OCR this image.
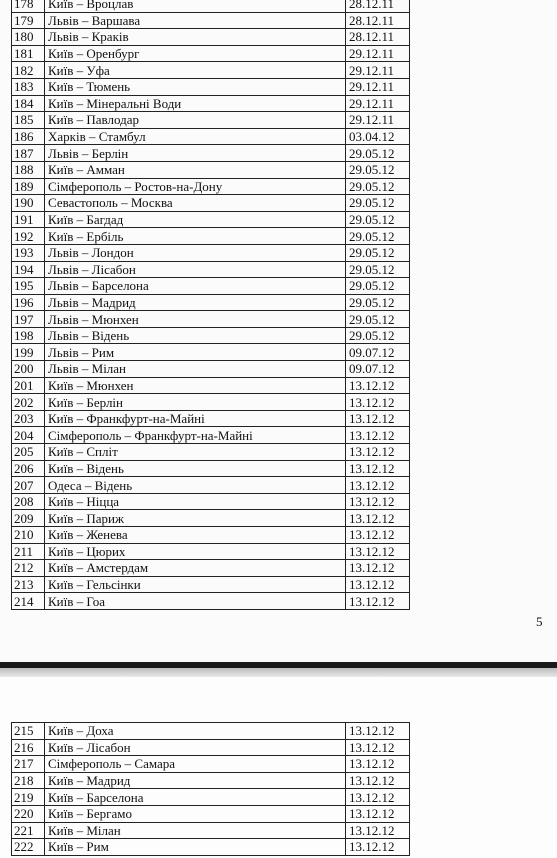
178	Київ – Вроцлав	28.12.11
179	Львів – Варшава	28.12.11
180	Львів – Краків	28.12.11
181	Київ – Оренбург	29.12.11
182	Київ – Уфа	29.12.11
183	Київ – Тюмень	29.12.11
184	Київ – Мінеральні Води	29.12.11
185	Київ – Павлодар	29.12.11
186	Харків – Стамбул	03.04.12
187	Львів – Берлін	29.05.12
188	Київ – Амман	29.05.12
189	Сімферополь – Ростов-на-Дону	29.05.12
190	Севастополь – Москва	29.05.12
191	Київ – Багдад	29.05.12
192	Київ – Ербіль	29.05.12
193	Львів – Лондон	29.05.12
194	Львів – Лісабон	29.05.12
195	Львів – Барселона	29.05.12
196	Львів – Мадрид	29.05.12
197	Львів – Мюнхен	29.05.12
198	Львів – Відень	29.05.12
199	Львів – Рим	09.07.12
200	Львів – Мілан	09.07.12
201	Київ – Мюнхен	13.12.12
202	Київ – Берлін	13.12.12
203	Київ – Франкфурт-на-Майні	13.12.12
204	Сімферополь – Франкфурт-на-Майні	13.12.12
205	Київ – Спліт	13.12.12
206	Київ – Відень	13.12.12
207	Одеса – Відень	13.12.12
208	Київ – Ніцца	13.12.12
209	Київ – Париж	13.12.12
210	Київ – Женева	13.12.12
211	Київ – Цюрих	13.12.12
212	Київ – Амстердам	13.12.12
213	Київ – Гельсінки	13.12.12
214	Київ – Гоа	13.12.12
5
215	Київ – Доха	13.12.12
216	Київ – Лісабон	13.12.12
217	Сімферополь – Самара	13.12.12
218	Київ – Мадрид	13.12.12
219	Київ – Барселона	13.12.12
220	Київ – Бергамо	13.12.12
221	Київ – Мілан	13.12.12
222	Київ – Рим	13.12.12
